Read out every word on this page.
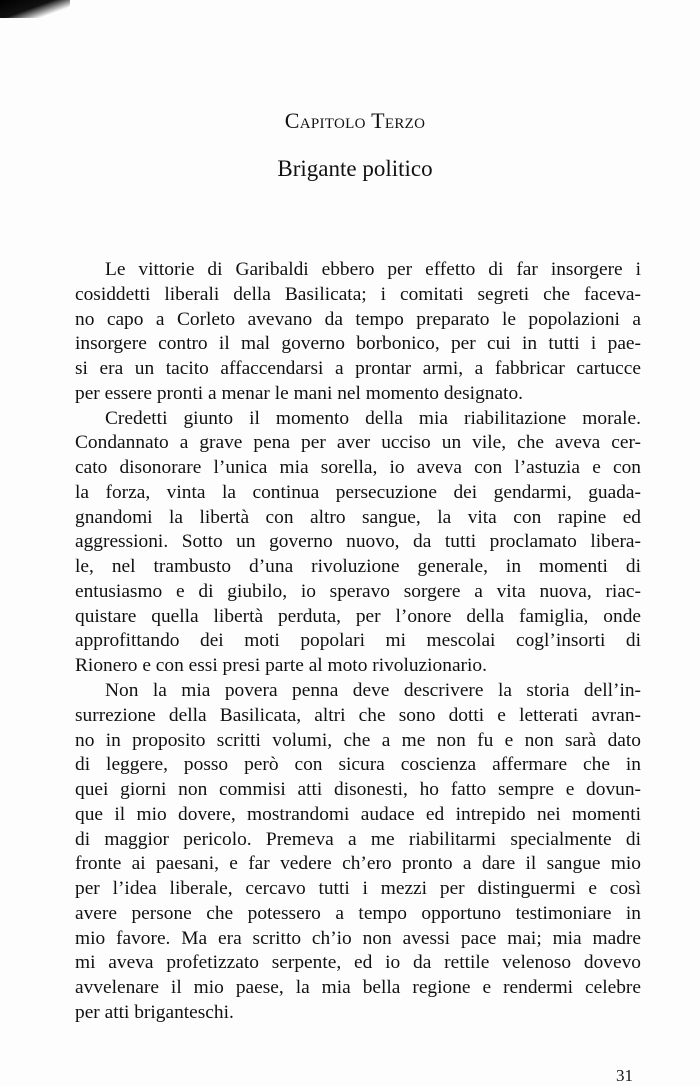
Capitolo Terzo
Brigante politico
Le vittorie di Garibaldi ebbero per effetto di far insorgere i
cosiddetti liberali della Basilicata; i comitati segreti che faceva-
no capo a Corleto avevano da tempo preparato le popolazioni a
insorgere contro il mal governo borbonico, per cui in tutti i pae-
si era un tacito affaccendarsi a prontar armi, a fabbricar cartucce
per essere pronti a menar le mani nel momento designato.
Credetti giunto il momento della mia riabilitazione morale.
Condannato a grave pena per aver ucciso un vile, che aveva cer-
cato disonorare l’unica mia sorella, io aveva con l’astuzia e con
la forza, vinta la continua persecuzione dei gendarmi, guada-
gnandomi la libertà con altro sangue, la vita con rapine ed
aggressioni. Sotto un governo nuovo, da tutti proclamato libera-
le, nel trambusto d’una rivoluzione generale, in momenti di
entusiasmo e di giubilo, io speravo sorgere a vita nuova, riac-
quistare quella libertà perduta, per l’onore della famiglia, onde
approfittando dei moti popolari mi mescolai cogl’insorti di
Rionero e con essi presi parte al moto rivoluzionario.
Non la mia povera penna deve descrivere la storia dell’in-
surrezione della Basilicata, altri che sono dotti e letterati avran-
no in proposito scritti volumi, che a me non fu e non sarà dato
di leggere, posso però con sicura coscienza affermare che in
quei giorni non commisi atti disonesti, ho fatto sempre e dovun-
que il mio dovere, mostrandomi audace ed intrepido nei momenti
di maggior pericolo. Premeva a me riabilitarmi specialmente di
fronte ai paesani, e far vedere ch’ero pronto a dare il sangue mio
per l’idea liberale, cercavo tutti i mezzi per distinguermi e così
avere persone che potessero a tempo opportuno testimoniare in
mio favore. Ma era scritto ch’io non avessi pace mai; mia madre
mi aveva profetizzato serpente, ed io da rettile velenoso dovevo
avvelenare il mio paese, la mia bella regione e rendermi celebre
per atti briganteschi.
31
